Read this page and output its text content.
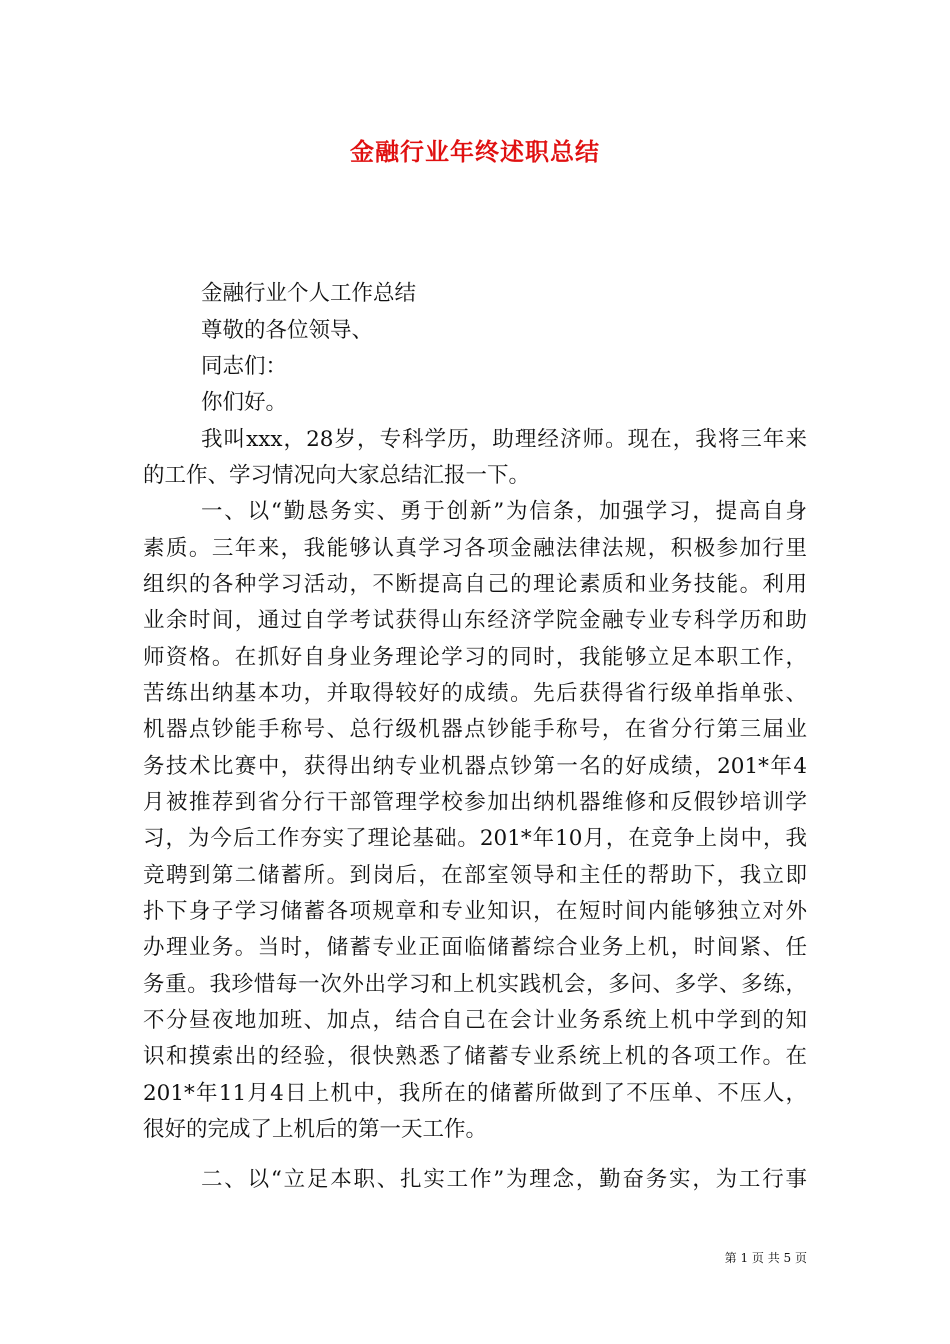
金融行业年终述职总结
金融行业个人工作总结
尊敬的各位领导、
同志们：
你们好。
我叫xxx，28岁，专科学历，助理经济师。现在，我将三年来
的工作、学习情况向大家总结汇报一下。
一、以“勤恳务实、勇于创新”为信条，加强学习，提高自身
素质。三年来，我能够认真学习各项金融法律法规，积极参加行里
组织的各种学习活动，不断提高自己的理论素质和业务技能。利用
业余时间，通过自学考试获得山东经济学院金融专业专科学历和助
师资格。在抓好自身业务理论学习的同时，我能够立足本职工作，
苦练出纳基本功，并取得较好的成绩。先后获得省行级单指单张、
机器点钞能手称号、总行级机器点钞能手称号，在省分行第三届业
务技术比赛中，获得出纳专业机器点钞第一名的好成绩，201*年4
月被推荐到省分行干部管理学校参加出纳机器维修和反假钞培训学
习，为今后工作夯实了理论基础。201*年10月，在竞争上岗中，我
竞聘到第二储蓄所。到岗后，在部室领导和主任的帮助下，我立即
扑下身子学习储蓄各项规章和专业知识，在短时间内能够独立对外
办理业务。当时，储蓄专业正面临储蓄综合业务上机，时间紧、任
务重。我珍惜每一次外出学习和上机实践机会，多问、多学、多练，
不分昼夜地加班、加点，结合自己在会计业务系统上机中学到的知
识和摸索出的经验，很快熟悉了储蓄专业系统上机的各项工作。在
201*年11月4日上机中，我所在的储蓄所做到了不压单、不压人，
很好的完成了上机后的第一天工作。
二、以“立足本职、扎实工作”为理念，勤奋务实，为工行事
第 1 页 共 5 页
